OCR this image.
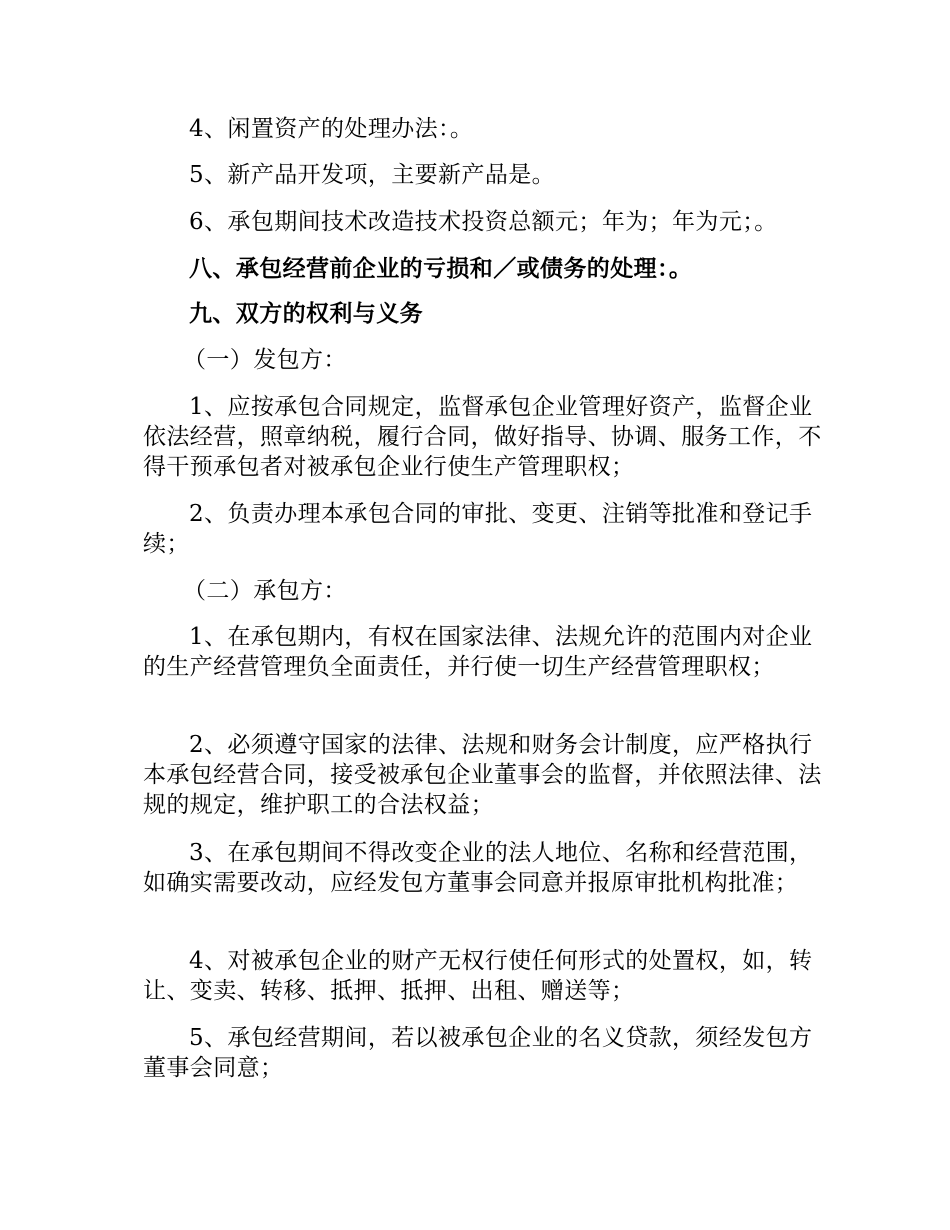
4、闲置资产的处理办法：。

5、新产品开发项，主要新产品是。

6、承包期间技术改造技术投资总额元；年为；年为元；。

八、承包经营前企业的亏损和／或债务的处理：。

九、双方的权利与义务

（一）发包方：

1、应按承包合同规定，监督承包企业管理好资产，监督企业依法经营，照章纳税，履行合同，做好指导、协调、服务工作，不得干预承包者对被承包企业行使生产管理职权；

2、负责办理本承包合同的审批、变更、注销等批准和登记手续；

（二）承包方：

1、在承包期内，有权在国家法律、法规允许的范围内对企业的生产经营管理负全面责任，并行使一切生产经营管理职权；

2、必须遵守国家的法律、法规和财务会计制度，应严格执行本承包经营合同，接受被承包企业董事会的监督，并依照法律、法规的规定，维护职工的合法权益；

3、在承包期间不得改变企业的法人地位、名称和经营范围，如确实需要改动，应经发包方董事会同意并报原审批机构批准；

4、对被承包企业的财产无权行使任何形式的处置权，如，转让、变卖、转移、抵押、抵押、出租、赠送等；

5、承包经营期间，若以被承包企业的名义贷款，须经发包方董事会同意；
